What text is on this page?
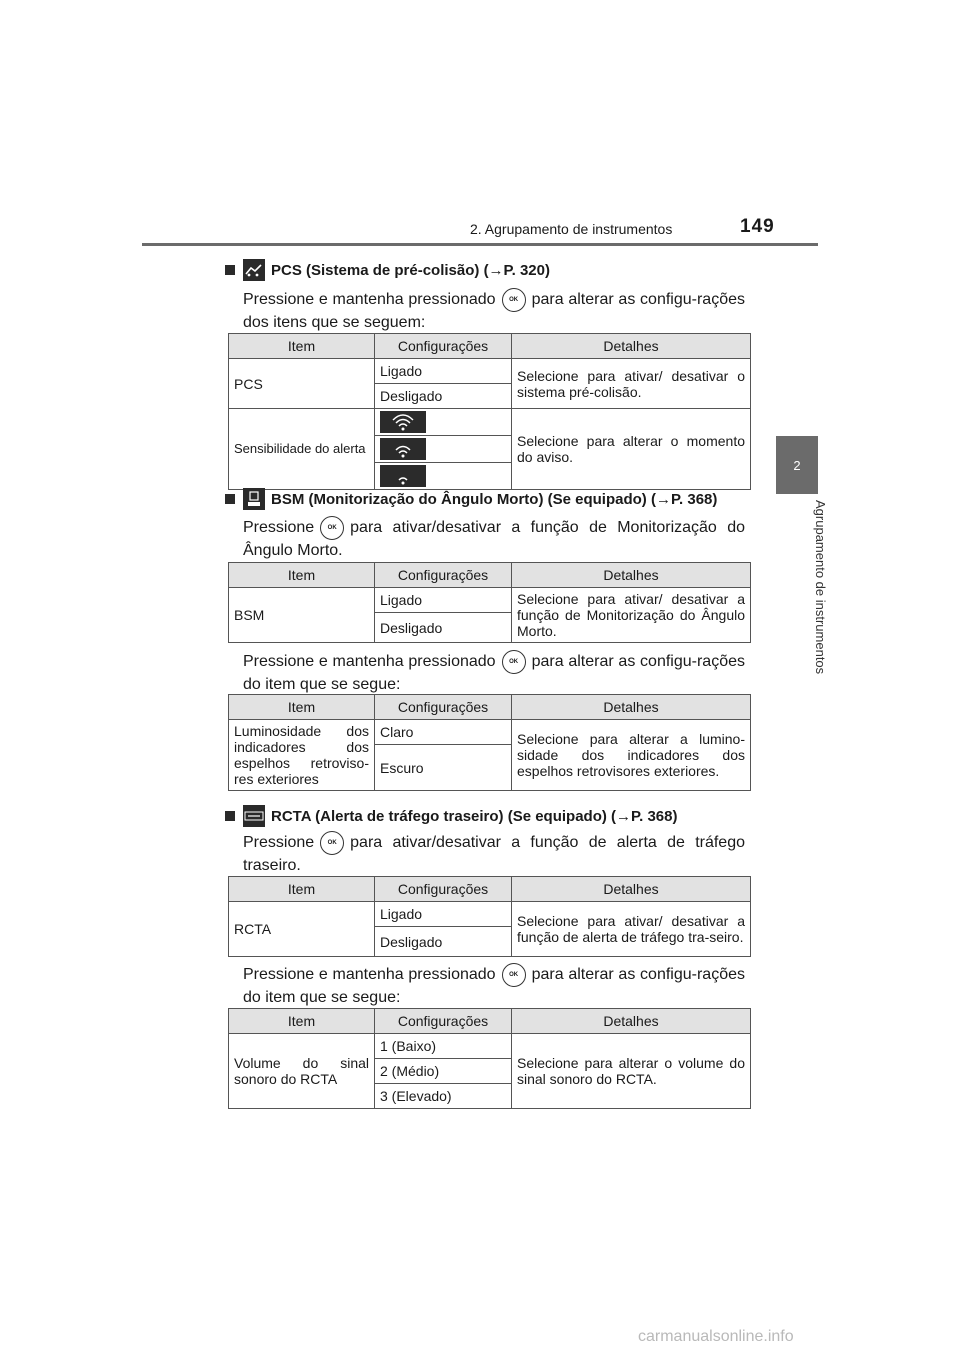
2. Agrupamento de instrumentos	149
2
Agrupamento de instrumentos
PCS (Sistema de pré-colisão) (→P. 320)
Pressione e mantenha pressionado OK para alterar as configu-rações dos itens que se seguem:
Item	Configurações	Detalhes
PCS	Ligado	Selecione para ativar/ desativar o sistema pré-colisão.
	Desligado	
Sensibilidade do alerta		Selecione para alterar o momento do aviso.

BSM (Monitorização do Ângulo Morto) (Se equipado) (→P. 368)
Pressione OK para ativar/desativar a função de Monitorização do Ângulo Morto.
Item	Configurações	Detalhes
BSM	Ligado	Selecione para ativar/ desativar a função de Monitorização do Ângulo Morto.
	Desligado	
Pressione e mantenha pressionado OK para alterar as configu-rações do item que se segue:
Item	Configurações	Detalhes
Luminosidade dos indicadores dos espelhos retroviso-res exteriores	Claro	Selecione para alterar a lumino-sidade dos indicadores dos espelhos retrovisores exteriores.
	Escuro	
RCTA (Alerta de tráfego traseiro) (Se equipado) (→P. 368)
Pressione OK para ativar/desativar a função de alerta de tráfego traseiro.
Item	Configurações	Detalhes
RCTA	Ligado	Selecione para ativar/ desativar a função de alerta de tráfego tra-seiro.
	Desligado	
Pressione e mantenha pressionado OK para alterar as configu-rações do item que se segue:
Item	Configurações	Detalhes
Volume do sinal sonoro do RCTA	1 (Baixo)	Selecione para alterar o volume do sinal sonoro do RCTA.
	2 (Médio)	
	3 (Elevado)	
carmanualsonline.info
